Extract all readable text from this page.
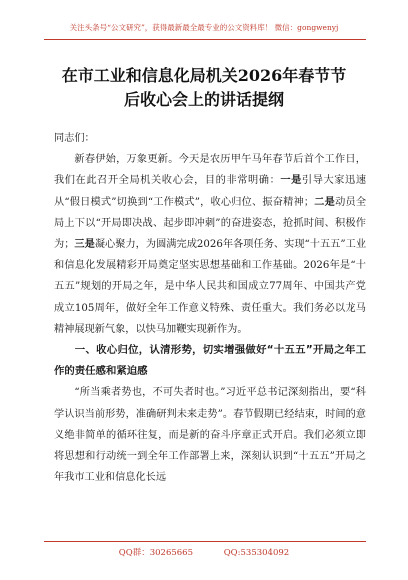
关注头条号“公文研究”，获得最新最全最专业的公文资料库！ 微信：gongwenyj
在市工业和信息化局机关2026年春节节
后收心会上的讲话提纲

同志们：

新春伊始，万象更新。今天是农历甲午马年春节后首个工作日，我们在此召开全局机关收心会，目的非常明确：一是引导大家迅速从“假日模式”切换到“工作模式”，收心归位、振奋精神；二是动员全局上下以“开局即决战、起步即冲刺”的奋进姿态，抢抓时间、积极作为；三是凝心聚力，为圆满完成2026年各项任务、实现“十五五”工业和信息化发展精彩开局奠定坚实思想基础和工作基础。2026年是“十五五”规划的开局之年，是中华人民共和国成立77周年、中国共产党成立105周年，做好全年工作意义特殊、责任重大。我们务必以龙马精神展现新气象，以快马加鞭实现新作为。

一、收心归位，认清形势，切实增强做好“十五五”开局之年工作的责任感和紧迫感

“所当乘者势也，不可失者时也。”习近平总书记深刻指出，要“科学认识当前形势，准确研判未来走势”。春节假期已经结束，时间的意义绝非简单的循环往复，而是新的奋斗序章正式开启。我们必须立即将思想和行动统一到全年工作部署上来，深刻认识到“十五五”开局之年我市工业和信息化长远

QQ群：30265665	QQ:535304092
